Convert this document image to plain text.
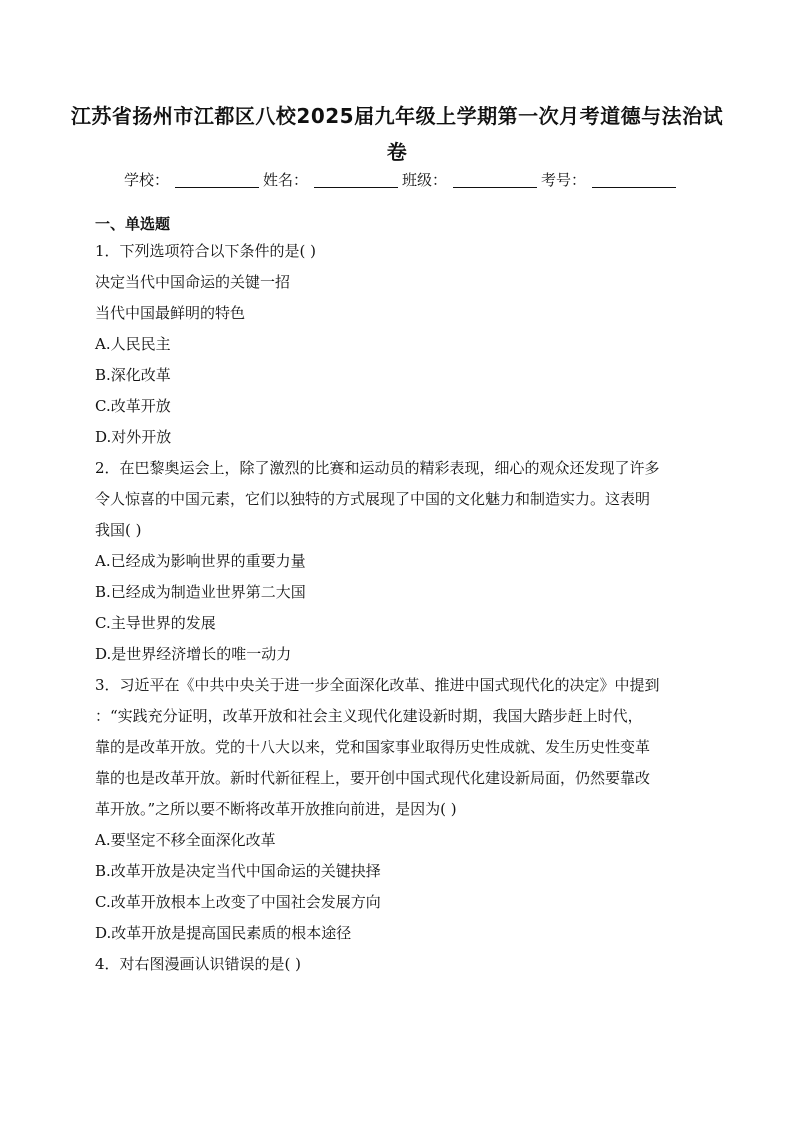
江苏省扬州市江都区八校2025届九年级上学期第一次月考道德与法治试卷
学校：	姓名：	班级：	考号：
一、单选题
1．下列选项符合以下条件的是( )
决定当代中国命运的关键一招
当代中国最鲜明的特色
A.人民民主
B.深化改革
C.改革开放
D.对外开放
2．在巴黎奥运会上，除了激烈的比赛和运动员的精彩表现，细心的观众还发现了许多
令人惊喜的中国元素，它们以独特的方式展现了中国的文化魅力和制造实力。这表明
我国( )
A.已经成为影响世界的重要力量
B.已经成为制造业世界第二大国
C.主导世界的发展
D.是世界经济增长的唯一动力
3．习近平在《中共中央关于进一步全面深化改革、推进中国式现代化的决定》中提到
：“实践充分证明，改革开放和社会主义现代化建设新时期，我国大踏步赶上时代，
靠的是改革开放。党的十八大以来，党和国家事业取得历史性成就、发生历史性变革
靠的也是改革开放。新时代新征程上，要开创中国式现代化建设新局面，仍然要靠改
革开放。”之所以要不断将改革开放推向前进，是因为( )
A.要坚定不移全面深化改革
B.改革开放是决定当代中国命运的关键抉择
C.改革开放根本上改变了中国社会发展方向
D.改革开放是提高国民素质的根本途径
4．对右图漫画认识错误的是( )
